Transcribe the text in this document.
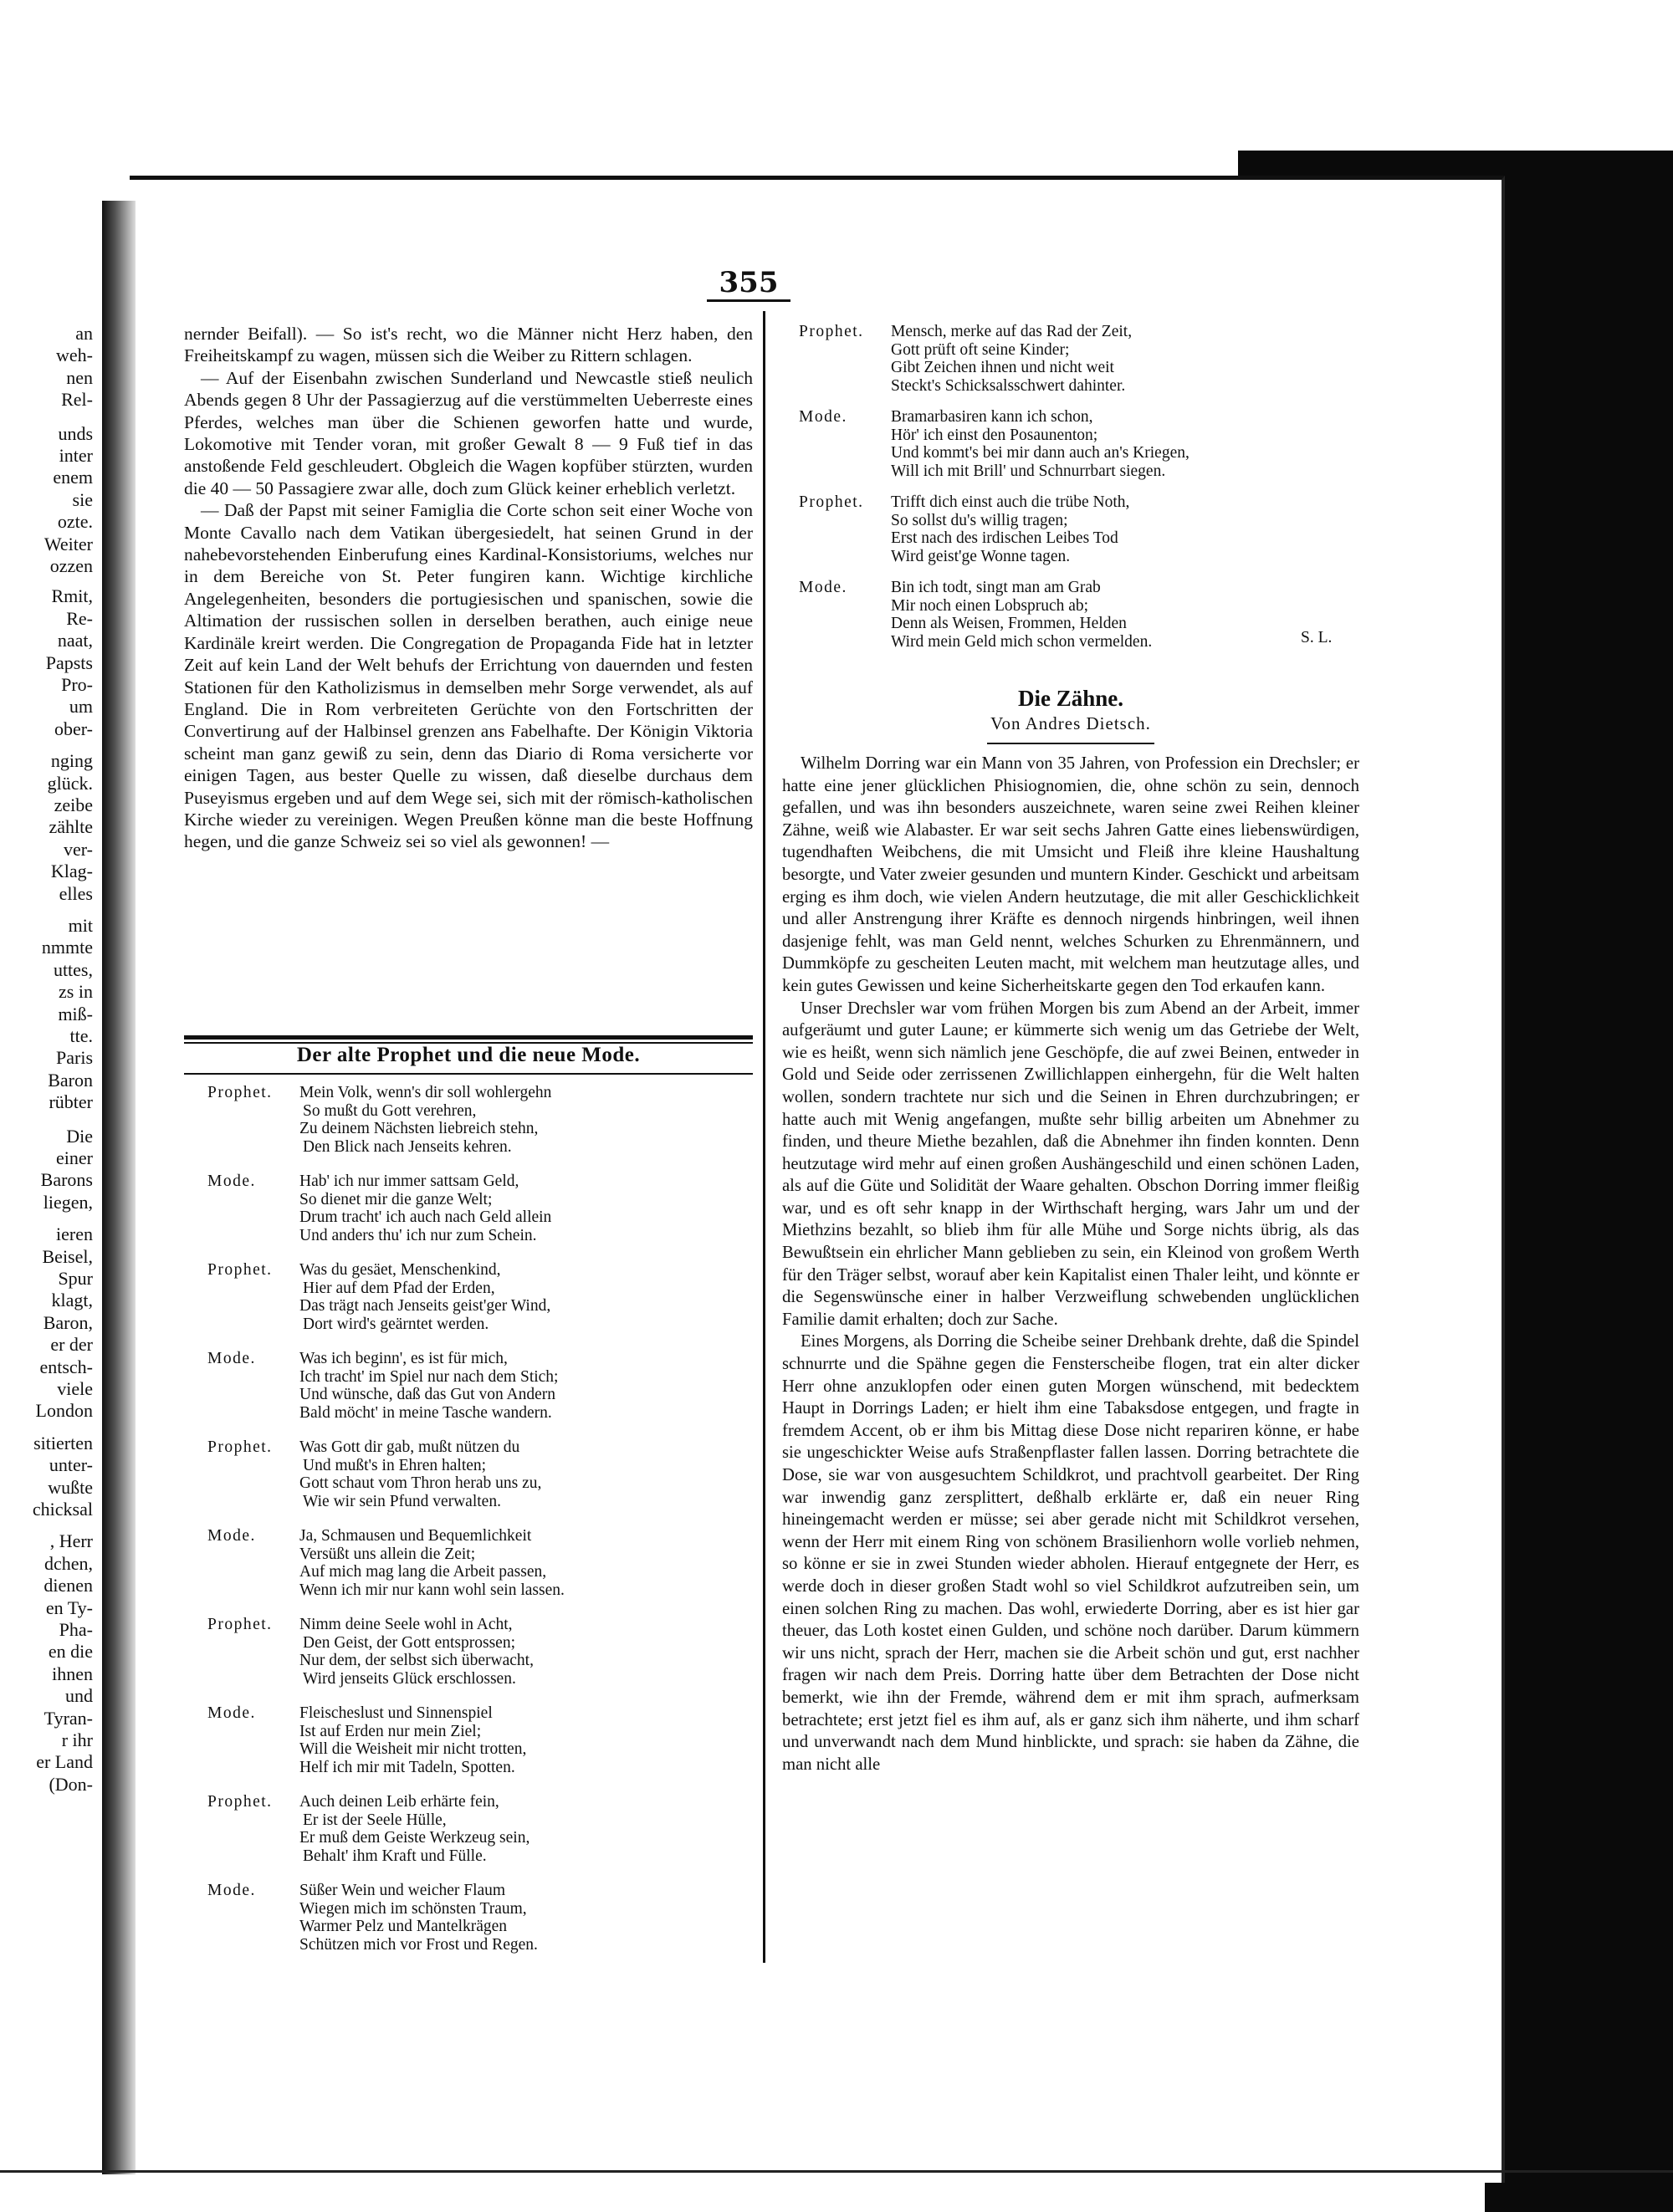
an
weh-
nen
Rel-
unds
inter
enem
sie
ozte.
Weiter
ozzen
Rmit,
Re-
naat,
Papsts
Pro-
um
ober-
nging
glück.
zeibe
zählte
ver-
Klag-
elles
mit
nmmte
uttes,
zs in
miß-
tte.
Paris
Baron
rübter
Die
einer
Barons
liegen,
ieren
Beisel,
Spur
klagt,
Baron,
er der
entsch-
viele
London
sitierten
unter-
wußte
chicksal
, Herr
dchen,
dienen
en Ty-
Pha-
en die
ihnen
und
Tyran-
r ihr
er Land
(Don-
355

nernder Beifall). — So ist's recht, wo die Männer nicht Herz haben, den Freiheitskampf zu wagen, müssen sich die Weiber zu Rittern schlagen.

— Auf der Eisenbahn zwischen Sunderland und Newcastle stieß neulich Abends gegen 8 Uhr der Passagierzug auf die verstümmelten Ueberreste eines Pferdes, welches man über die Schienen geworfen hatte und wurde, Lokomotive mit Tender voran, mit großer Gewalt 8 — 9 Fuß tief in das anstoßende Feld geschleudert. Obgleich die Wagen kopfüber stürzten, wurden die 40 — 50 Passagiere zwar alle, doch zum Glück keiner erheblich verletzt.

— Daß der Papst mit seiner Famiglia die Corte schon seit einer Woche von Monte Cavallo nach dem Vatikan übergesiedelt, hat seinen Grund in der nahebevorstehenden Einberufung eines Kardinal-Konsistoriums, welches nur in dem Bereiche von St. Peter fungiren kann. Wichtige kirchliche Angelegenheiten, besonders die portugiesischen und spanischen, sowie die Altimation der russischen sollen in derselben berathen, auch einige neue Kardinäle kreirt werden. Die Congregation de Propaganda Fide hat in letzter Zeit auf kein Land der Welt behufs der Errichtung von dauernden und festen Stationen für den Katholizismus in demselben mehr Sorge verwendet, als auf England. Die in Rom verbreiteten Gerüchte von den Fortschritten der Convertirung auf der Halbinsel grenzen ans Fabelhafte. Der Königin Viktoria scheint man ganz gewiß zu sein, denn das Diario di Roma versicherte vor einigen Tagen, aus bester Quelle zu wissen, daß dieselbe durchaus dem Puseyismus ergeben und auf dem Wege sei, sich mit der römisch-katholischen Kirche wieder zu vereinigen. Wegen Preußen könne man die beste Hoffnung hegen, und die ganze Schweiz sei so viel als gewonnen! —

Der alte Prophet und die neue Mode.
Prophet.	Mein Volk, wenn's dir soll wohlergehn
So mußt du Gott verehren,
Zu deinem Nächsten liebreich stehn,
Den Blick nach Jenseits kehren.
Mode.	Hab' ich nur immer sattsam Geld,
So dienet mir die ganze Welt;
Drum tracht' ich auch nach Geld allein
Und anders thu' ich nur zum Schein.
Prophet.	Was du gesäet, Menschenkind,
Hier auf dem Pfad der Erden,
Das trägt nach Jenseits geist'ger Wind,
Dort wird's geärntet werden.
Mode.	Was ich beginn', es ist für mich,
Ich tracht' im Spiel nur nach dem Stich;
Und wünsche, daß das Gut von Andern
Bald möcht' in meine Tasche wandern.
Prophet.	Was Gott dir gab, mußt nützen du
Und mußt's in Ehren halten;
Gott schaut vom Thron herab uns zu,
Wie wir sein Pfund verwalten.
Mode.	Ja, Schmausen und Bequemlichkeit
Versüßt uns allein die Zeit;
Auf mich mag lang die Arbeit passen,
Wenn ich mir nur kann wohl sein lassen.
Prophet.	Nimm deine Seele wohl in Acht,
Den Geist, der Gott entsprossen;
Nur dem, der selbst sich überwacht,
Wird jenseits Glück erschlossen.
Mode.	Fleischeslust und Sinnenspiel
Ist auf Erden nur mein Ziel;
Will die Weisheit mir nicht trotten,
Helf ich mir mit Tadeln, Spotten.
Prophet.	Auch deinen Leib erhärte fein,
Er ist der Seele Hülle,
Er muß dem Geiste Werkzeug sein,
Behalt' ihm Kraft und Fülle.
Mode.	Süßer Wein und weicher Flaum
Wiegen mich im schönsten Traum,
Warmer Pelz und Mantelkrägen
Schützen mich vor Frost und Regen.
Prophet.	Mensch, merke auf das Rad der Zeit,
Gott prüft oft seine Kinder;
Gibt Zeichen ihnen und nicht weit
Steckt's Schicksalsschwert dahinter.
Mode.	Bramarbasiren kann ich schon,
Hör' ich einst den Posaunenton;
Und kommt's bei mir dann auch an's Kriegen,
Will ich mit Brill' und Schnurrbart siegen.
Prophet.	Trifft dich einst auch die trübe Noth,
So sollst du's willig tragen;
Erst nach des irdischen Leibes Tod
Wird geist'ge Wonne tagen.
Mode.	Bin ich todt, singt man am Grab
Mir noch einen Lobspruch ab;
Denn als Weisen, Frommen, Helden
Wird mein Geld mich schon vermelden.	S. L.
Die Zähne.
Von Andres Dietsch.

Wilhelm Dorring war ein Mann von 35 Jahren, von Profession ein Drechsler; er hatte eine jener glücklichen Phisiognomien, die, ohne schön zu sein, dennoch gefallen, und was ihn besonders auszeichnete, waren seine zwei Reihen kleiner Zähne, weiß wie Alabaster. Er war seit sechs Jahren Gatte eines liebenswürdigen, tugendhaften Weibchens, die mit Umsicht und Fleiß ihre kleine Haushaltung besorgte, und Vater zweier gesunden und muntern Kinder. Geschickt und arbeitsam erging es ihm doch, wie vielen Andern heutzutage, die mit aller Geschicklichkeit und aller Anstrengung ihrer Kräfte es dennoch nirgends hinbringen, weil ihnen dasjenige fehlt, was man Geld nennt, welches Schurken zu Ehrenmännern, und Dummköpfe zu gescheiten Leuten macht, mit welchem man heutzutage alles, und kein gutes Gewissen und keine Sicherheitskarte gegen den Tod erkaufen kann.

Unser Drechsler war vom frühen Morgen bis zum Abend an der Arbeit, immer aufgeräumt und guter Laune; er kümmerte sich wenig um das Getriebe der Welt, wie es heißt, wenn sich nämlich jene Geschöpfe, die auf zwei Beinen, entweder in Gold und Seide oder zerrissenen Zwillichlappen einhergehn, für die Welt halten wollen, sondern trachtete nur sich und die Seinen in Ehren durchzubringen; er hatte auch mit Wenig angefangen, mußte sehr billig arbeiten um Abnehmer zu finden, und theure Miethe bezahlen, daß die Abnehmer ihn finden konnten. Denn heutzutage wird mehr auf einen großen Aushängeschild und einen schönen Laden, als auf die Güte und Solidität der Waare gehalten. Obschon Dorring immer fleißig war, und es oft sehr knapp in der Wirthschaft herging, wars Jahr um und der Miethzins bezahlt, so blieb ihm für alle Mühe und Sorge nichts übrig, als das Bewußtsein ein ehrlicher Mann geblieben zu sein, ein Kleinod von großem Werth für den Träger selbst, worauf aber kein Kapitalist einen Thaler leiht, und könnte er die Segenswünsche einer in halber Verzweiflung schwebenden unglücklichen Familie damit erhalten; doch zur Sache.

Eines Morgens, als Dorring die Scheibe seiner Drehbank drehte, daß die Spindel schnurrte und die Spähne gegen die Fensterscheibe flogen, trat ein alter dicker Herr ohne anzuklopfen oder einen guten Morgen wünschend, mit bedecktem Haupt in Dorrings Laden; er hielt ihm eine Tabaksdose entgegen, und fragte in fremdem Accent, ob er ihm bis Mittag diese Dose nicht repariren könne, er habe sie ungeschickter Weise aufs Straßenpflaster fallen lassen. Dorring betrachtete die Dose, sie war von ausgesuchtem Schildkrot, und prachtvoll gearbeitet. Der Ring war inwendig ganz zersplittert, deßhalb erklärte er, daß ein neuer Ring hineingemacht werden er müsse; sei aber gerade nicht mit Schildkrot versehen, wenn der Herr mit einem Ring von schönem Brasilienhorn wolle vorlieb nehmen, so könne er sie in zwei Stunden wieder abholen. Hierauf entgegnete der Herr, es werde doch in dieser großen Stadt wohl so viel Schildkrot aufzutreiben sein, um einen solchen Ring zu machen. Das wohl, erwiederte Dorring, aber es ist hier gar theuer, das Loth kostet einen Gulden, und schöne noch darüber. Darum kümmern wir uns nicht, sprach der Herr, machen sie die Arbeit schön und gut, erst nachher fragen wir nach dem Preis. Dorring hatte über dem Betrachten der Dose nicht bemerkt, wie ihn der Fremde, während dem er mit ihm sprach, aufmerksam betrachtete; erst jetzt fiel es ihm auf, als er ganz sich ihm näherte, und ihm scharf und unverwandt nach dem Mund hinblickte, und sprach: sie haben da Zähne, die man nicht alle
